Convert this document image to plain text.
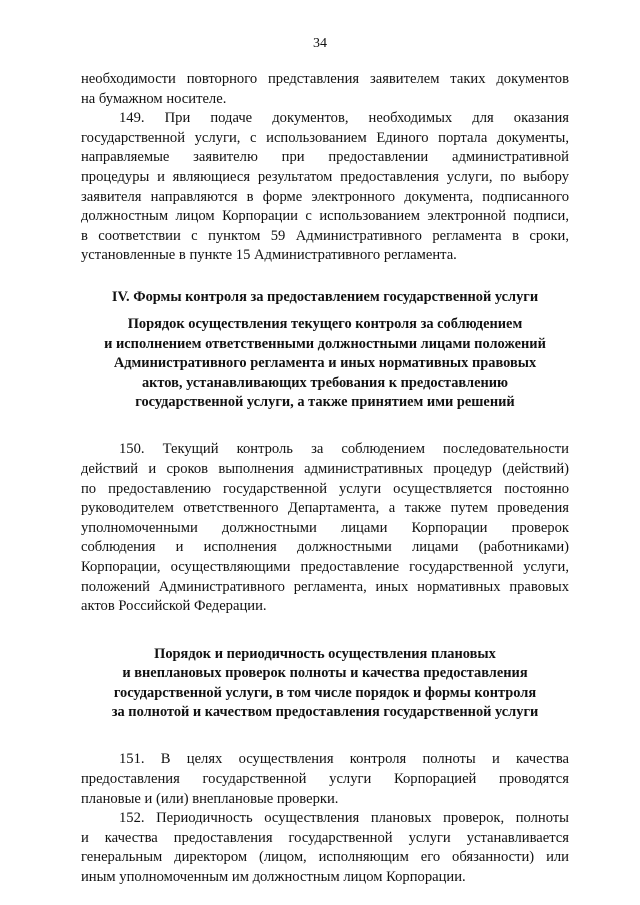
34
необходимости повторного представления заявителем таких документов
на бумажном носителе.
149. При подаче документов, необходимых для оказания
государственной услуги, с использованием Единого портала документы,
направляемые заявителю при предоставлении административной
процедуры и являющиеся результатом предоставления услуги, по выбору
заявителя направляются в форме электронного документа, подписанного
должностным лицом Корпорации с использованием электронной подписи,
в соответствии с пунктом 59 Административного регламента в сроки,
установленные в пункте 15 Административного регламента.
IV. Формы контроля за предоставлением государственной услуги
Порядок осуществления текущего контроля за соблюдением
и исполнением ответственными должностными лицами положений
Административного регламента и иных нормативных правовых
актов, устанавливающих требования к предоставлению
государственной услуги, а также принятием ими решений
150. Текущий контроль за соблюдением последовательности
действий и сроков выполнения административных процедур (действий)
по предоставлению государственной услуги осуществляется постоянно
руководителем ответственного Департамента, а также путем проведения
уполномоченными должностными лицами Корпорации проверок
соблюдения и исполнения должностными лицами (работниками)
Корпорации, осуществляющими предоставление государственной услуги,
положений Административного регламента, иных нормативных правовых
актов Российской Федерации.
Порядок и периодичность осуществления плановых
и внеплановых проверок полноты и качества предоставления
государственной услуги, в том числе порядок и формы контроля
за полнотой и качеством предоставления государственной услуги
151. В целях осуществления контроля полноты и качества
предоставления государственной услуги Корпорацией проводятся
плановые и (или) внеплановые проверки.
152. Периодичность осуществления плановых проверок, полноты
и качества предоставления государственной услуги устанавливается
генеральным директором (лицом, исполняющим его обязанности) или
иным уполномоченным им должностным лицом Корпорации.
